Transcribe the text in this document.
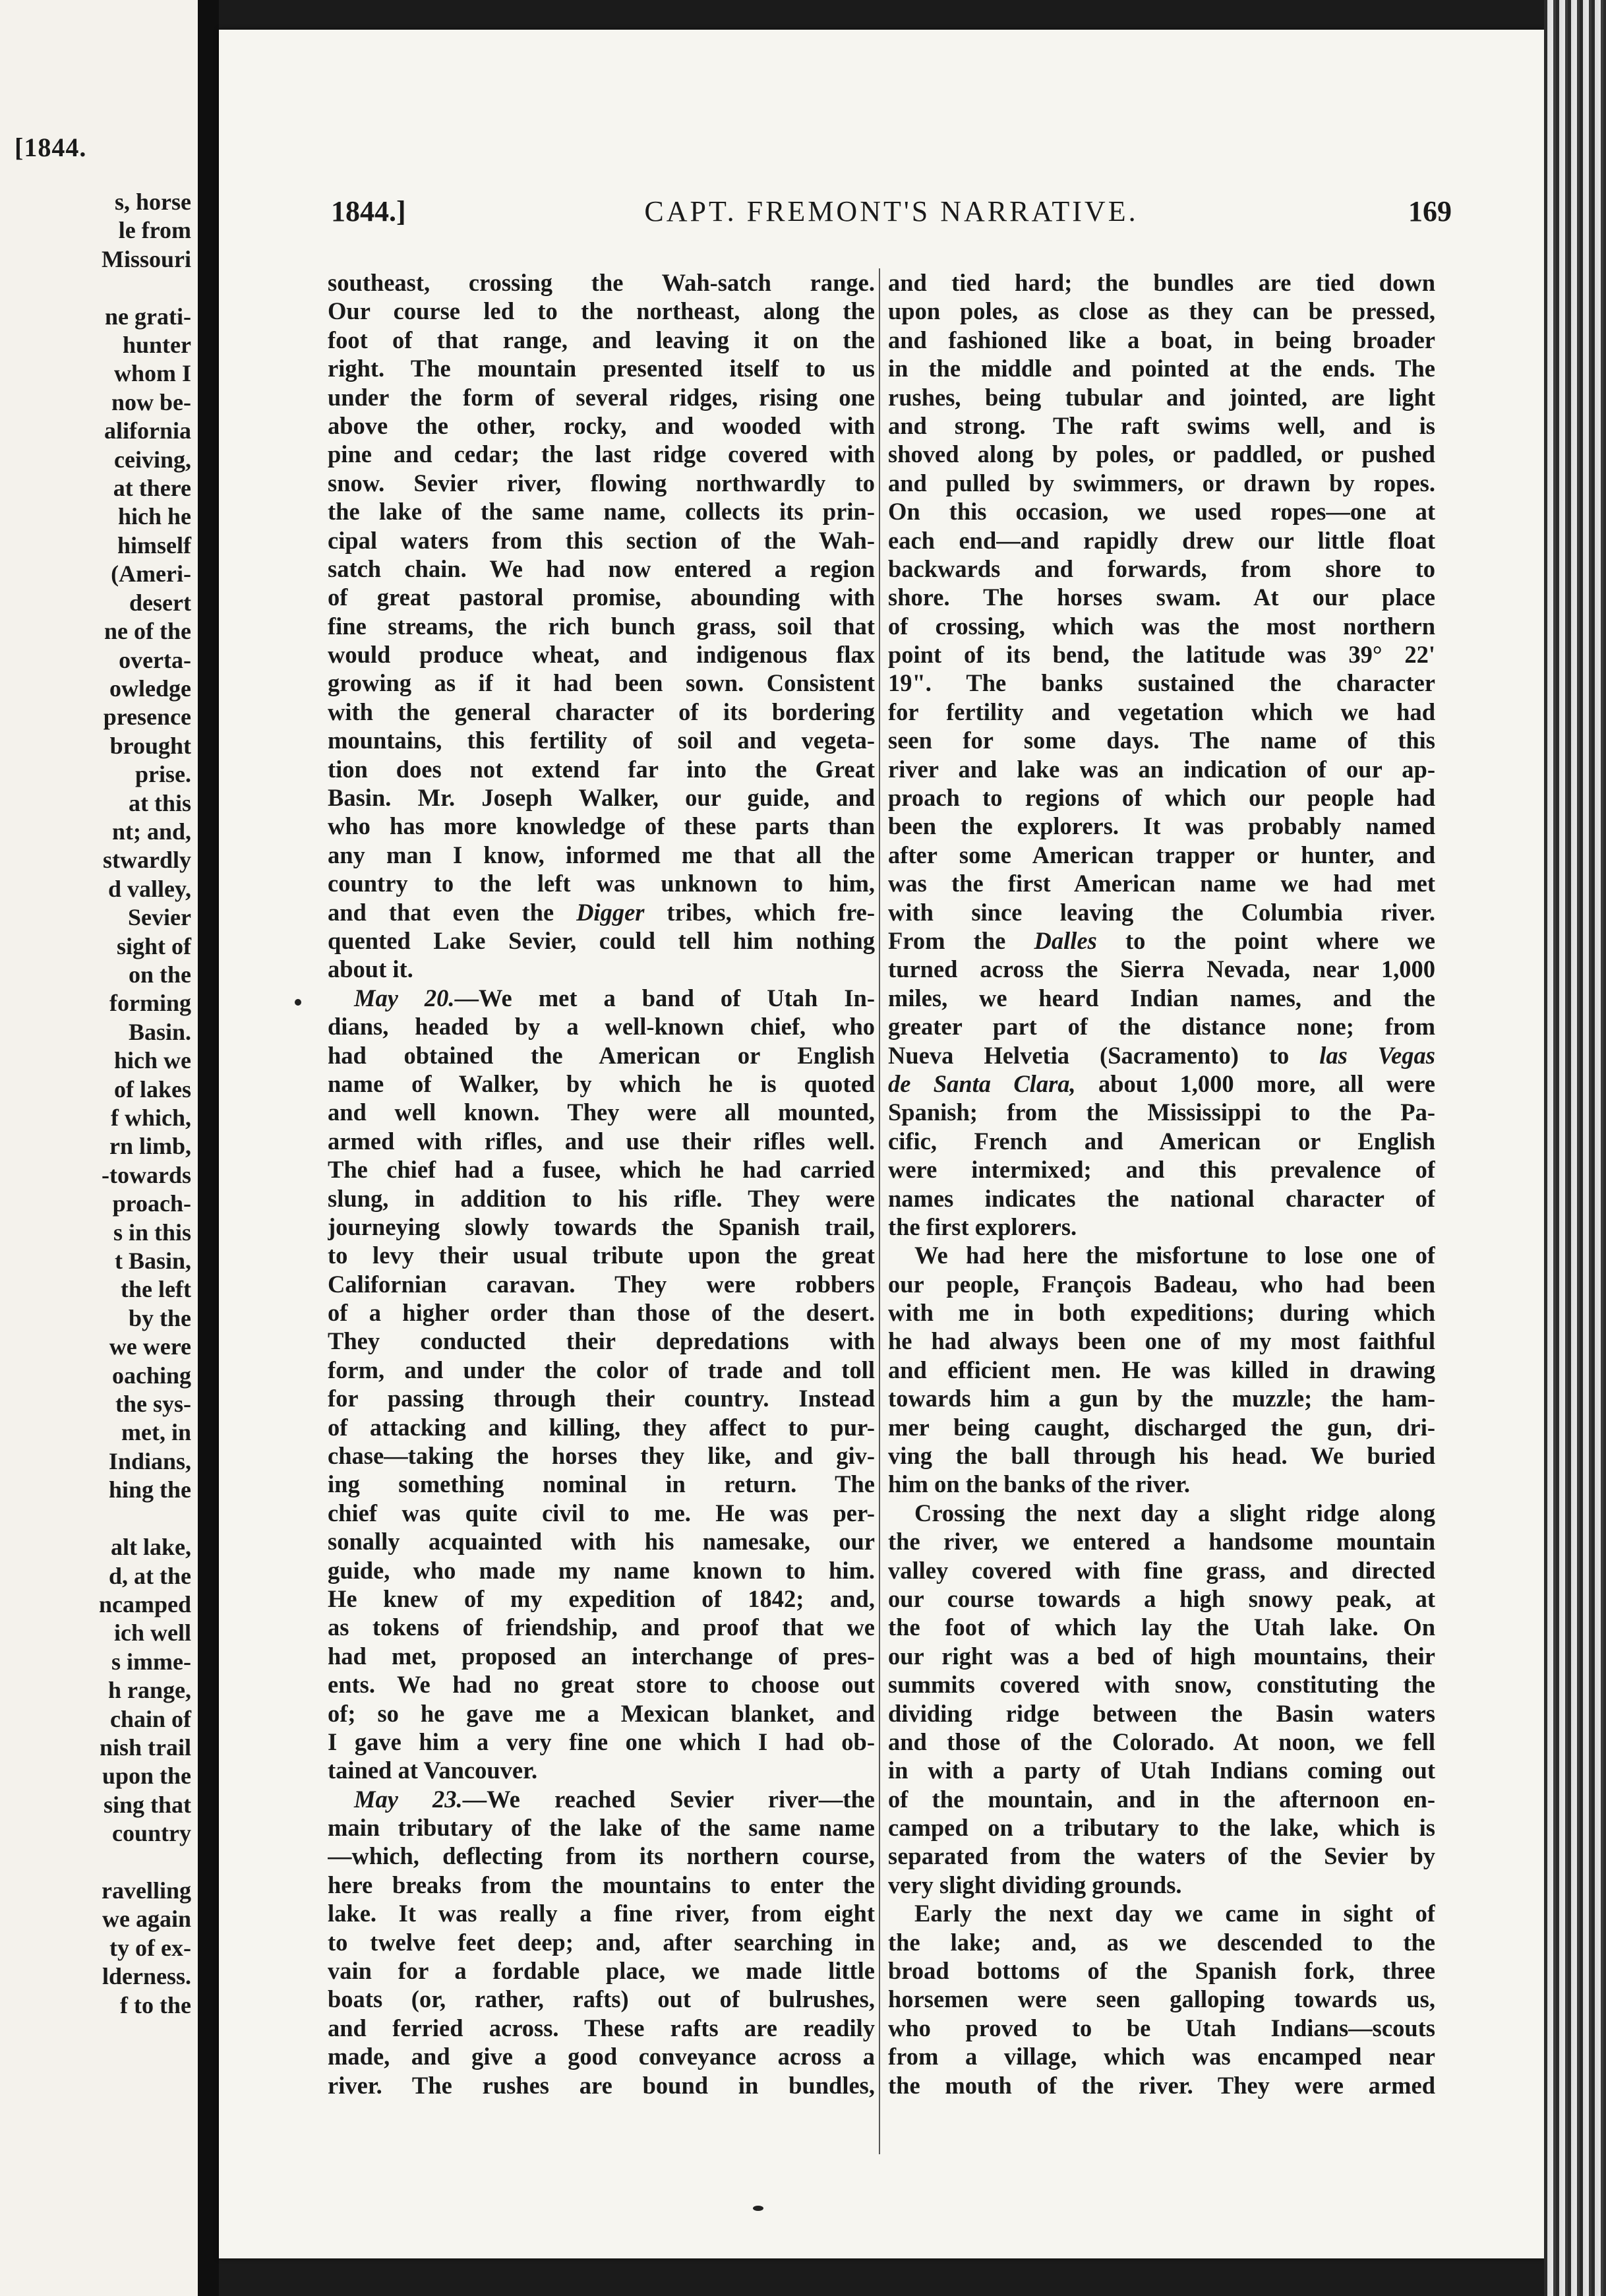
[1844.
s, horse
le from
Missouri

ne grati-
hunter
whom I
now be-
alifornia
ceiving,
at there
hich he
himself
(Ameri-
desert
ne of the
overta-
owledge
presence
brought
prise.
at this
nt; and,
stwardly
d valley,
Sevier
sight of
on the
forming
Basin.
hich we
of lakes
f which,
rn limb,
-towards
proach-
s in this
t Basin,
the left
by the
we were
oaching
the sys-
met, in
Indians,
hing the

alt lake,
d, at the
ncamped
ich well
s imme-
h range,
chain of
nish trail
upon the
sing that
country

ravelling
we again
ty of ex-
lderness.
f to the
1844.]	CAPT. FREMONT'S NARRATIVE.	169
southeast, crossing the Wah-satch range.
Our course led to the northeast, along the
foot of that range, and leaving it on the
right. The mountain presented itself to us
under the form of several ridges, rising one
above the other, rocky, and wooded with
pine and cedar; the last ridge covered with
snow. Sevier river, flowing northwardly to
the lake of the same name, collects its prin-
cipal waters from this section of the Wah-
satch chain. We had now entered a region
of great pastoral promise, abounding with
fine streams, the rich bunch grass, soil that
would produce wheat, and indigenous flax
growing as if it had been sown. Consistent
with the general character of its bordering
mountains, this fertility of soil and vegeta-
tion does not extend far into the Great
Basin. Mr. Joseph Walker, our guide, and
who has more knowledge of these parts than
any man I know, informed me that all the
country to the left was unknown to him,
and that even the Digger tribes, which fre-
quented Lake Sevier, could tell him nothing
about it.
May 20.—We met a band of Utah In-
dians, headed by a well-known chief, who
had obtained the American or English
name of Walker, by which he is quoted
and well known. They were all mounted,
armed with rifles, and use their rifles well.
The chief had a fusee, which he had carried
slung, in addition to his rifle. They were
journeying slowly towards the Spanish trail,
to levy their usual tribute upon the great
Californian caravan. They were robbers
of a higher order than those of the desert.
They conducted their depredations with
form, and under the color of trade and toll
for passing through their country. Instead
of attacking and killing, they affect to pur-
chase—taking the horses they like, and giv-
ing something nominal in return. The
chief was quite civil to me. He was per-
sonally acquainted with his namesake, our
guide, who made my name known to him.
He knew of my expedition of 1842; and,
as tokens of friendship, and proof that we
had met, proposed an interchange of pres-
ents. We had no great store to choose out
of; so he gave me a Mexican blanket, and
I gave him a very fine one which I had ob-
tained at Vancouver.
May 23.—We reached Sevier river—the
main tributary of the lake of the same name
—which, deflecting from its northern course,
here breaks from the mountains to enter the
lake. It was really a fine river, from eight
to twelve feet deep; and, after searching in
vain for a fordable place, we made little
boats (or, rather, rafts) out of bulrushes,
and ferried across. These rafts are readily
made, and give a good conveyance across a
river. The rushes are bound in bundles,
and tied hard; the bundles are tied down
upon poles, as close as they can be pressed,
and fashioned like a boat, in being broader
in the middle and pointed at the ends. The
rushes, being tubular and jointed, are light
and strong. The raft swims well, and is
shoved along by poles, or paddled, or pushed
and pulled by swimmers, or drawn by ropes.
On this occasion, we used ropes—one at
each end—and rapidly drew our little float
backwards and forwards, from shore to
shore. The horses swam. At our place
of crossing, which was the most northern
point of its bend, the latitude was 39° 22'
19". The banks sustained the character
for fertility and vegetation which we had
seen for some days. The name of this
river and lake was an indication of our ap-
proach to regions of which our people had
been the explorers. It was probably named
after some American trapper or hunter, and
was the first American name we had met
with since leaving the Columbia river.
From the Dalles to the point where we
turned across the Sierra Nevada, near 1,000
miles, we heard Indian names, and the
greater part of the distance none; from
Nueva Helvetia (Sacramento) to las Vegas
de Santa Clara, about 1,000 more, all were
Spanish; from the Mississippi to the Pa-
cific, French and American or English
were intermixed; and this prevalence of
names indicates the national character of
the first explorers.
We had here the misfortune to lose one of
our people, François Badeau, who had been
with me in both expeditions; during which
he had always been one of my most faithful
and efficient men. He was killed in drawing
towards him a gun by the muzzle; the ham-
mer being caught, discharged the gun, dri-
ving the ball through his head. We buried
him on the banks of the river.
Crossing the next day a slight ridge along
the river, we entered a handsome mountain
valley covered with fine grass, and directed
our course towards a high snowy peak, at
the foot of which lay the Utah lake. On
our right was a bed of high mountains, their
summits covered with snow, constituting the
dividing ridge between the Basin waters
and those of the Colorado. At noon, we fell
in with a party of Utah Indians coming out
of the mountain, and in the afternoon en-
camped on a tributary to the lake, which is
separated from the waters of the Sevier by
very slight dividing grounds.
Early the next day we came in sight of
the lake; and, as we descended to the
broad bottoms of the Spanish fork, three
horsemen were seen galloping towards us,
who proved to be Utah Indians—scouts
from a village, which was encamped near
the mouth of the river. They were armed
